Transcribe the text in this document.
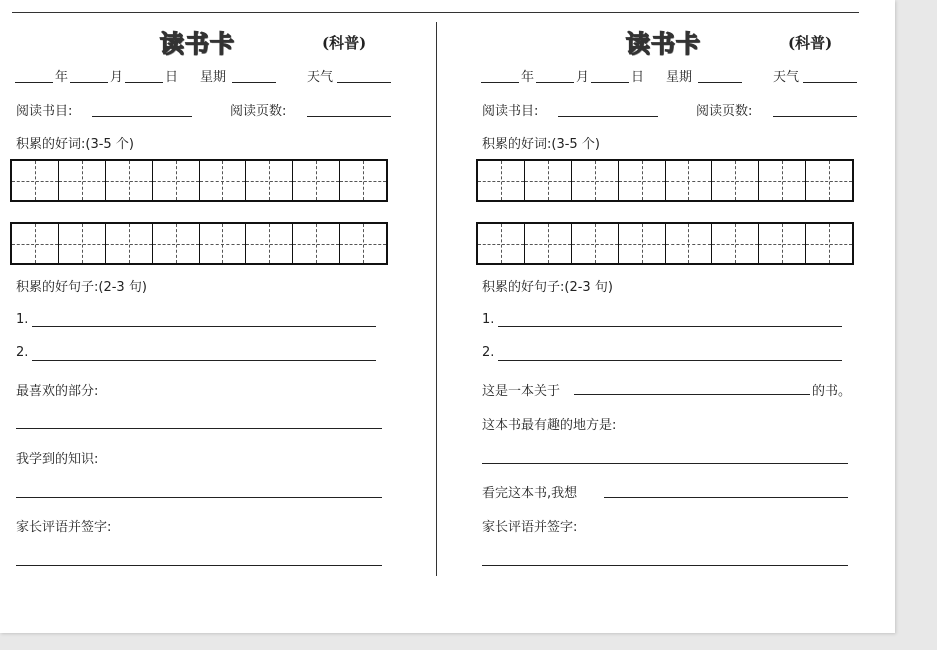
读书卡	(科普)
年	月	日 星期	天气
阅读书目:	阅读页数:
积累的好词:(3-5 个)
积累的好句子:(2-3 句)
1.
2.
最喜欢的部分:
我学到的知识:
家长评语并签字:
读书卡	(科普)
年	月	日 星期	天气
阅读书目:	阅读页数:
积累的好词:(3-5 个)
积累的好句子:(2-3 句)
1.
2.
这是一本关于	的书。
这本书最有趣的地方是:
看完这本书,我想
家长评语并签字:
